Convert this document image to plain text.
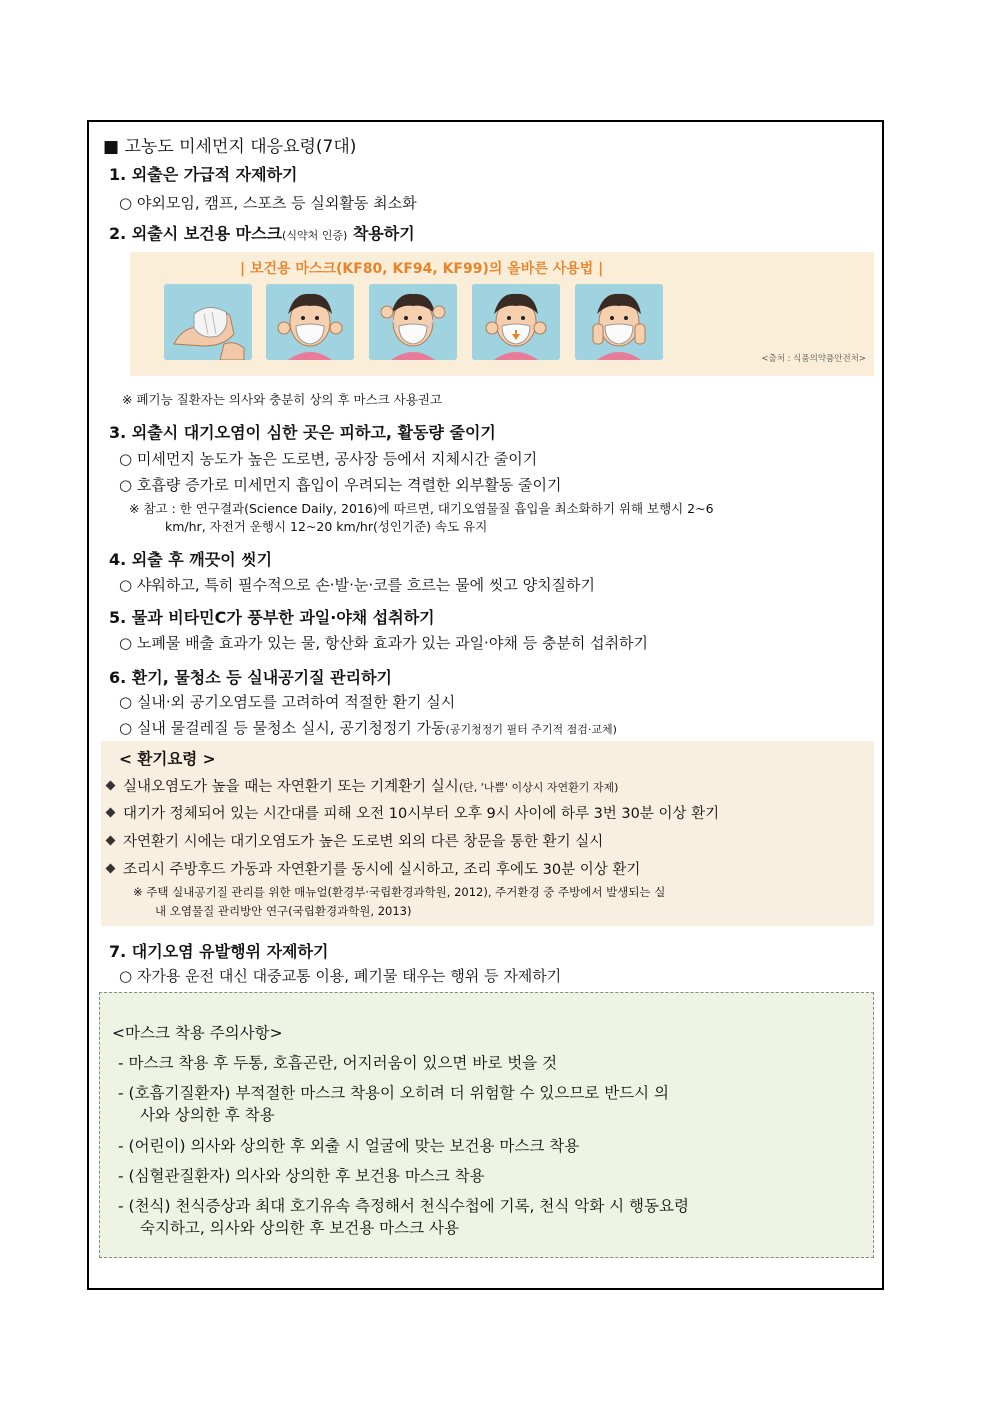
■ 고농도 미세먼지 대응요령(7대)
1. 외출은 가급적 자제하기
○ 야외모임, 캠프, 스포츠 등 실외활동 최소화
2. 외출시 보건용 마스크(식약처 인증) 착용하기
| 보건용 마스크(KF80, KF94, KF99)의 올바른 사용법 |
<출처 : 식품의약품안전처>
※ 폐기능 질환자는 의사와 충분히 상의 후 마스크 사용권고
3. 외출시 대기오염이 심한 곳은 피하고, 활동량 줄이기
○ 미세먼지 농도가 높은 도로변, 공사장 등에서 지체시간 줄이기
○ 호흡량 증가로 미세먼지 흡입이 우려되는 격렬한 외부활동 줄이기
※ 참고 : 한 연구결과(Science Daily, 2016)에 따르면, 대기오염물질 흡입을 최소화하기 위해 보행시 2~6
km/hr, 자전거 운행시 12~20 km/hr(성인기준) 속도 유지
4. 외출 후 깨끗이 씻기
○ 샤워하고, 특히 필수적으로 손·발·눈·코를 흐르는 물에 씻고 양치질하기
5. 물과 비타민C가 풍부한 과일·야채 섭취하기
○ 노폐물 배출 효과가 있는 물, 항산화 효과가 있는 과일·야채 등 충분히 섭취하기
6. 환기, 물청소 등 실내공기질 관리하기
○ 실내·외 공기오염도를 고려하여 적절한 환기 실시
○ 실내 물걸레질 등 물청소 실시, 공기청정기 가동(공기청정기 필터 주기적 점검·교체)
< 환기요령 >
실내오염도가 높을 때는 자연환기 또는 기계환기 실시(단, '나쁨' 이상시 자연환기 자제)
대기가 정체되어 있는 시간대를 피해 오전 10시부터 오후 9시 사이에 하루 3번 30분 이상 환기
자연환기 시에는 대기오염도가 높은 도로변 외의 다른 창문을 통한 환기 실시
조리시 주방후드 가동과 자연환기를 동시에 실시하고, 조리 후에도 30분 이상 환기
※ 주택 실내공기질 관리를 위한 매뉴얼(환경부·국립환경과학원, 2012), 주거환경 중 주방에서 발생되는 실
내 오염물질 관리방안 연구(국립환경과학원, 2013)
7. 대기오염 유발행위 자제하기
○ 자가용 운전 대신 대중교통 이용, 폐기물 태우는 행위 등 자제하기
<마스크 착용 주의사항>
- 마스크 착용 후 두통, 호흡곤란, 어지러움이 있으면 바로 벗을 것
- (호흡기질환자) 부적절한 마스크 착용이 오히려 더 위험할 수 있으므로 반드시 의
사와 상의한 후 착용
- (어린이) 의사와 상의한 후 외출 시 얼굴에 맞는 보건용 마스크 착용
- (심혈관질환자) 의사와 상의한 후 보건용 마스크 착용
- (천식) 천식증상과 최대 호기유속 측정해서 천식수첩에 기록, 천식 악화 시 행동요령
숙지하고, 의사와 상의한 후 보건용 마스크 사용
